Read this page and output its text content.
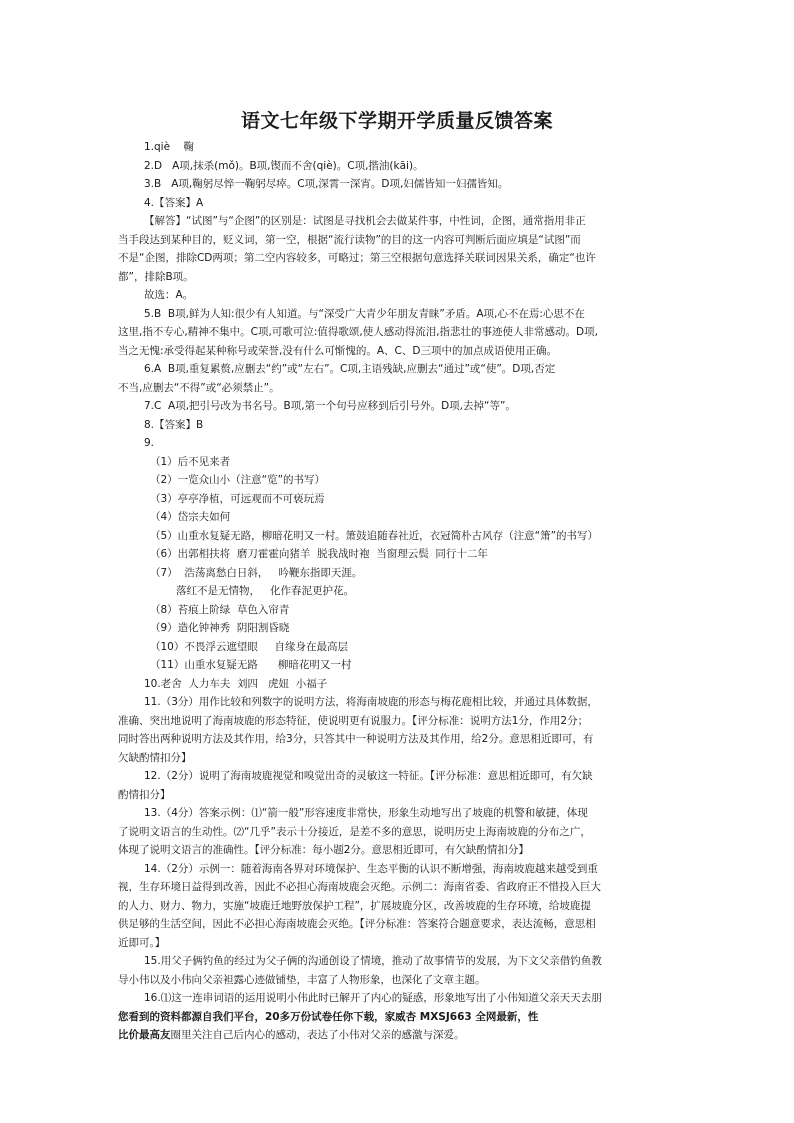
语文七年级下学期开学质量反馈答案
1.qiè    鞠
2.D   A项,抹杀(mǒ)。B项,锲而不舍(qiè)。C项,揩油(kāi)。
3.B   A项,鞠躬尽悴一鞠躬尽瘁。C项,深霄一深宵。D项,妇儒皆知一妇孺皆知。
4.【答案】A
【解答】“试图”与“企图”的区别是：试图是寻找机会去做某件事，中性词，企图，通常指用非正
当手段达到某种目的，贬义词，第一空，根据“流行读物”的目的这一内容可判断后面应填是“试图”而
不是“企图，排除CD两项；第二空内容较多，可略过；第三空根据句意选择关联词因果关系，确定“也许
都”，排除B项。
故选：A。
5.B  B项,鲜为人知:很少有人知道。与“深受广大青少年朋友青睐”矛盾。A项,心不在焉:心思不在
这里,指不专心,精神不集中。C项,可歌可泣:值得歌颂,使人感动得流泪,指悲壮的事迹使人非常感动。D项,
当之无愧:承受得起某种称号或荣誉,没有什么可惭愧的。A、C、D三项中的加点成语使用正确。
6.A  B项,重复累赘,应删去“约”或“左右”。C项,主语残缺,应删去“通过”或“使”。D项,否定
不当,应删去“不得”或“必须禁止”。
7.C  A项,把引号改为书名号。B项,第一个句号应移到后引号外。D项,去掉“等”。
8.【答案】B
9.
（1）后不见来者
（2）一览众山小（注意“览”的书写）
（3）亭亭净植，可远观而不可亵玩焉
（4）岱宗夫如何
（5）山重水复疑无路，柳暗花明又一村。箫鼓追随春社近，衣冠简朴古风存（注意“箫”的书写）
（6）出郭相扶将  磨刀霍霍向猪羊  脱我战时袍  当窗理云鬓  同行十二年
（7）  浩荡离愁白日斜，   吟鞭东指即天涯。
落红不是无情物，   化作春泥更护花。
（8）苔痕上阶绿  草色入帘青
（9）造化钟神秀  阴阳割昏晓
（10）不畏浮云遮望眼     自缘身在最高层
（11）山重水复疑无路      柳暗花明又一村
10.老舍  人力车夫  刘四   虎妞  小福子
11.（3分）用作比较和列数字的说明方法，将海南坡鹿的形态与梅花鹿相比较，并通过具体数据，
准确、突出地说明了海南坡鹿的形态特征，使说明更有说服力。【评分标准：说明方法1分，作用2分；
同时答出两种说明方法及其作用，给3分，只答其中一种说明方法及其作用，给2分。意思相近即可，有
欠缺酌情扣分】
12.（2分）说明了海南坡鹿视觉和嗅觉出奇的灵敏这一特征。【评分标准：意思相近即可，有欠缺
酌情扣分】
13.（4分）答案示例：⑴“箭一般”形容速度非常快，形象生动地写出了坡鹿的机警和敏捷，体现
了说明文语言的生动性。⑵“几乎”表示十分接近，是差不多的意思，说明历史上海南坡鹿的分布之广，
体现了说明文语言的准确性。【评分标准：每小题2分。意思相近即可，有欠缺酌情扣分】
14.（2分）示例一：随着海南各界对环境保护、生态平衡的认识不断增强，海南坡鹿越来越受到重
视，生存环境日益得到改善，因此不必担心海南坡鹿会灭绝。示例二：海南省委、省政府正不惜投入巨大
的人力、财力、物力，实施“坡鹿迁地野放保护工程”，扩展坡鹿分区，改善坡鹿的生存环境，给坡鹿提
供足够的生活空间，因此不必担心海南坡鹿会灭绝。【评分标准：答案符合题意要求，表达流畅，意思相
近即可。】
15.用父子俩钓鱼的经过为父子俩的沟通创设了情境，推动了故事情节的发展，为下文父亲借钓鱼教
导小伟以及小伟向父亲袒露心迹做铺垫，丰富了人物形象，也深化了文章主题。
16.⑴这一连串词语的运用说明小伟此时已解开了内心的疑惑，形象地写出了小伟知道父亲天天去朋
您看到的资料都源自我们平台，20多万份试卷任你下载，家威杏 MXSJ663 全网最新，性
比价最高友圈里关注自己后内心的感动，表达了小伟对父亲的感激与深爱。
